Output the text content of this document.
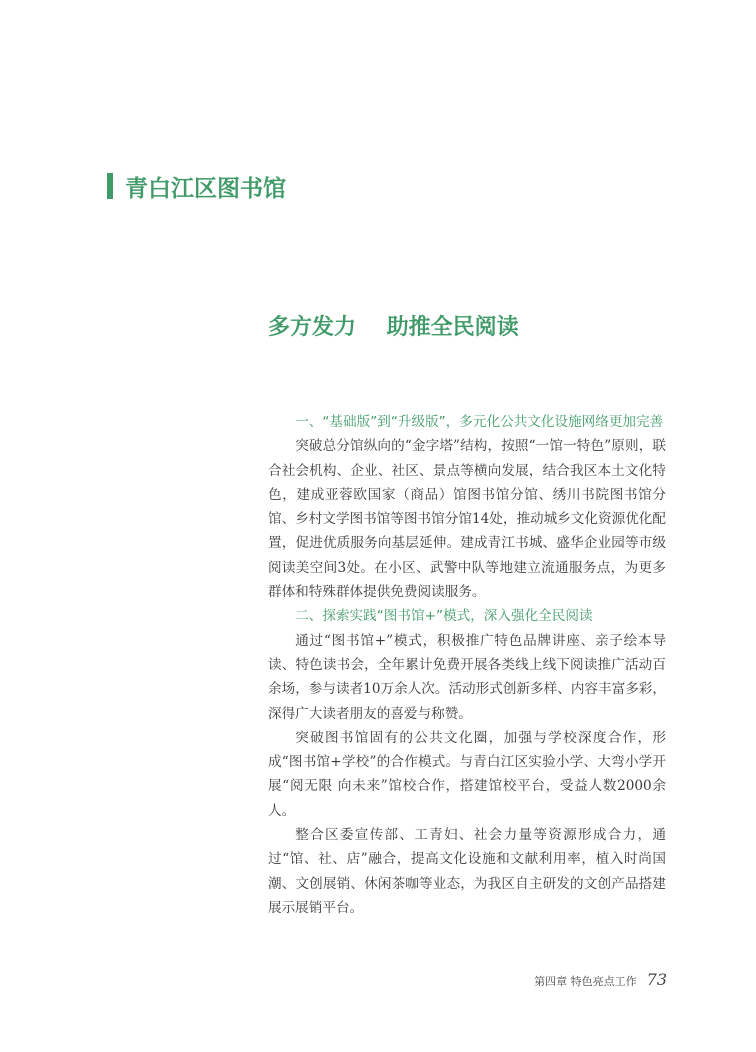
青白江区图书馆
多方发力    助推全民阅读

一、“基础版”到“升级版”，多元化公共文化设施网络更加完善

突破总分馆纵向的“金字塔”结构，按照“一馆一特色”原则，联合社会机构、企业、社区、景点等横向发展，结合我区本土文化特色，建成亚蓉欧国家（商品）馆图书馆分馆、绣川书院图书馆分馆、乡村文学图书馆等图书馆分馆14处，推动城乡文化资源优化配置，促进优质服务向基层延伸。建成青江书城、盛华企业园等市级阅读美空间3处。在小区、武警中队等地建立流通服务点，为更多群体和特殊群体提供免费阅读服务。

二、探索实践“图书馆+”模式，深入强化全民阅读

通过“图书馆+”模式，积极推广特色品牌讲座、亲子绘本导读、特色读书会，全年累计免费开展各类线上线下阅读推广活动百余场，参与读者10万余人次。活动形式创新多样、内容丰富多彩，深得广大读者朋友的喜爱与称赞。

突破图书馆固有的公共文化圈，加强与学校深度合作，形成“图书馆+学校”的合作模式。与青白江区实验小学、大弯小学开展“阅无限 向未来”馆校合作，搭建馆校平台，受益人数2000余人。

整合区委宣传部、工青妇、社会力量等资源形成合力，通过“馆、社、店”融合，提高文化设施和文献利用率，植入时尚国潮、文创展销、休闲茶咖等业态，为我区自主研发的文创产品搭建展示展销平台。

第四章 特色亮点工作 73
